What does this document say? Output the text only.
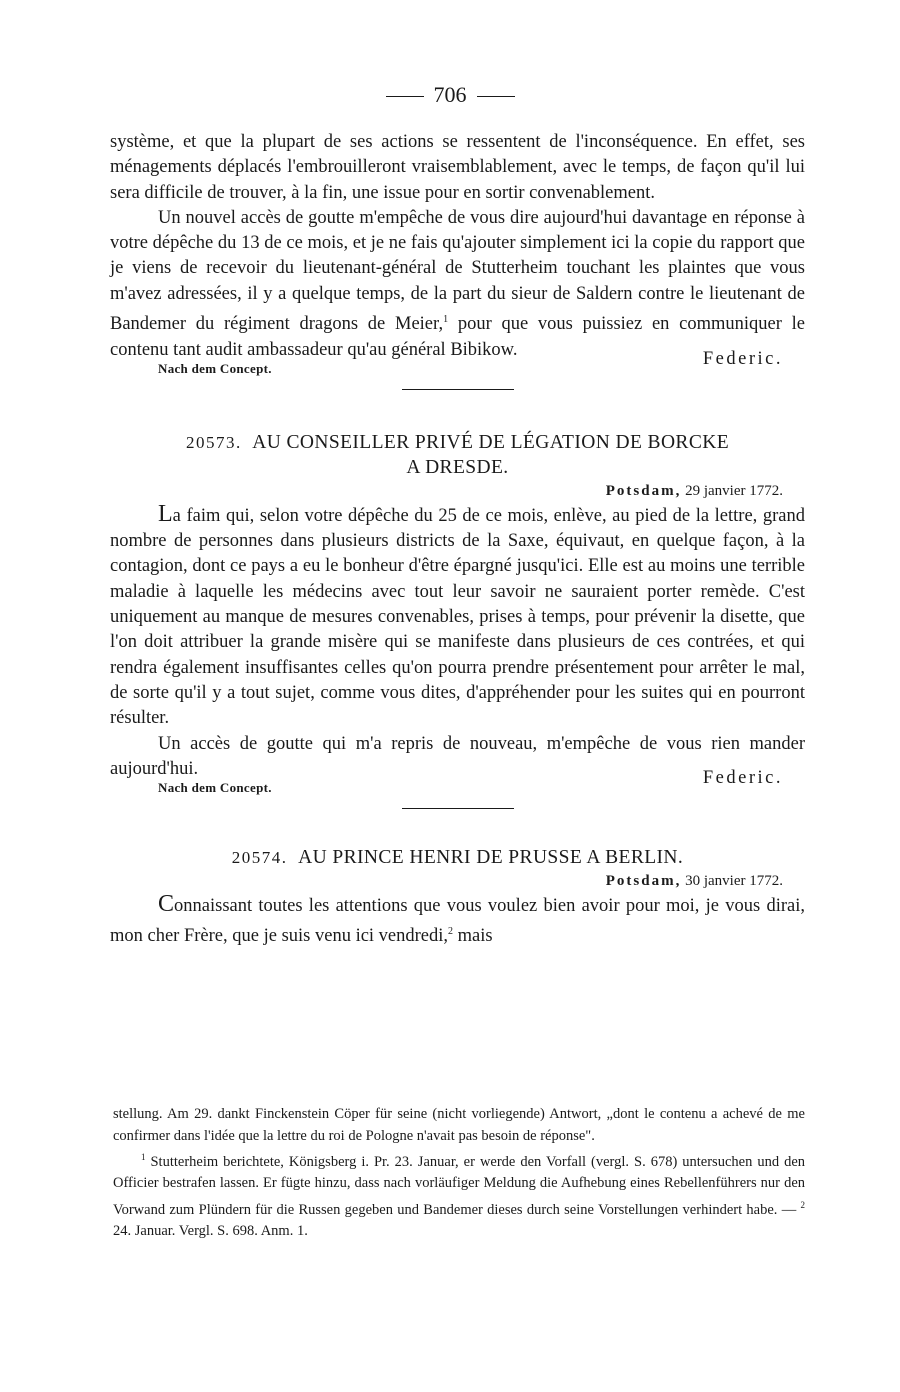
706

système, et que la plupart de ses actions se ressentent de l'inconséquence. En effet, ses ménagements déplacés l'embrouilleront vraisemblablement, avec le temps, de façon qu'il lui sera difficile de trouver, à la fin, une issue pour en sortir convenablement.

Un nouvel accès de goutte m'empêche de vous dire aujourd'hui davantage en réponse à votre dépêche du 13 de ce mois, et je ne fais qu'ajouter simplement ici la copie du rapport que je viens de recevoir du lieutenant-général de Stutterheim touchant les plaintes que vous m'avez adressées, il y a quelque temps, de la part du sieur de Saldern contre le lieutenant de Bandemer du régiment dragons de Meier,$^1$ pour que vous puissiez en communiquer le contenu tant audit ambassadeur qu'au général Bibikow.

Nach dem Concept.	Federic.
20573. AU CONSEILLER PRIVÉ DE LÉGATION DE BORCKE
A DRESDE.
Potsdam, 29 janvier 1772.

La faim qui, selon votre dépêche du 25 de ce mois, enlève, au pied de la lettre, grand nombre de personnes dans plusieurs districts de la Saxe, équivaut, en quelque façon, à la contagion, dont ce pays a eu le bonheur d'être épargné jusqu'ici. Elle est au moins une terrible maladie à laquelle les médecins avec tout leur savoir ne sauraient porter remède. C'est uniquement au manque de mesures convenables, prises à temps, pour prévenir la disette, que l'on doit attribuer la grande misère qui se manifeste dans plusieurs de ces contrées, et qui rendra également insuffisantes celles qu'on pourra prendre présentement pour arrêter le mal, de sorte qu'il y a tout sujet, comme vous dites, d'appréhender pour les suites qui en pourront résulter.

Un accès de goutte qui m'a repris de nouveau, m'empêche de vous rien mander aujourd'hui.

Nach dem Concept.	Federic.
20574. AU PRINCE HENRI DE PRUSSE A BERLIN.
Potsdam, 30 janvier 1772.

Connaissant toutes les attentions que vous voulez bien avoir pour moi, je vous dirai, mon cher Frère, que je suis venu ici vendredi,$^2$ mais

stellung. Am 29. dankt Finckenstein Cöper für seine (nicht vorliegende) Antwort, „dont le contenu a achevé de me confirmer dans l'idée que la lettre du roi de Pologne n'avait pas besoin de réponse".

$^1$ Stutterheim berichtete, Königsberg i. Pr. 23. Januar, er werde den Vorfall (vergl. S. 678) untersuchen und den Officier bestrafen lassen. Er fügte hinzu, dass nach vorläufiger Meldung die Aufhebung eines Rebellenführers nur den Vorwand zum Plündern für die Russen gegeben und Bandemer dieses durch seine Vorstellungen verhindert habe. — $^2$ 24. Januar. Vergl. S. 698. Anm. 1.
